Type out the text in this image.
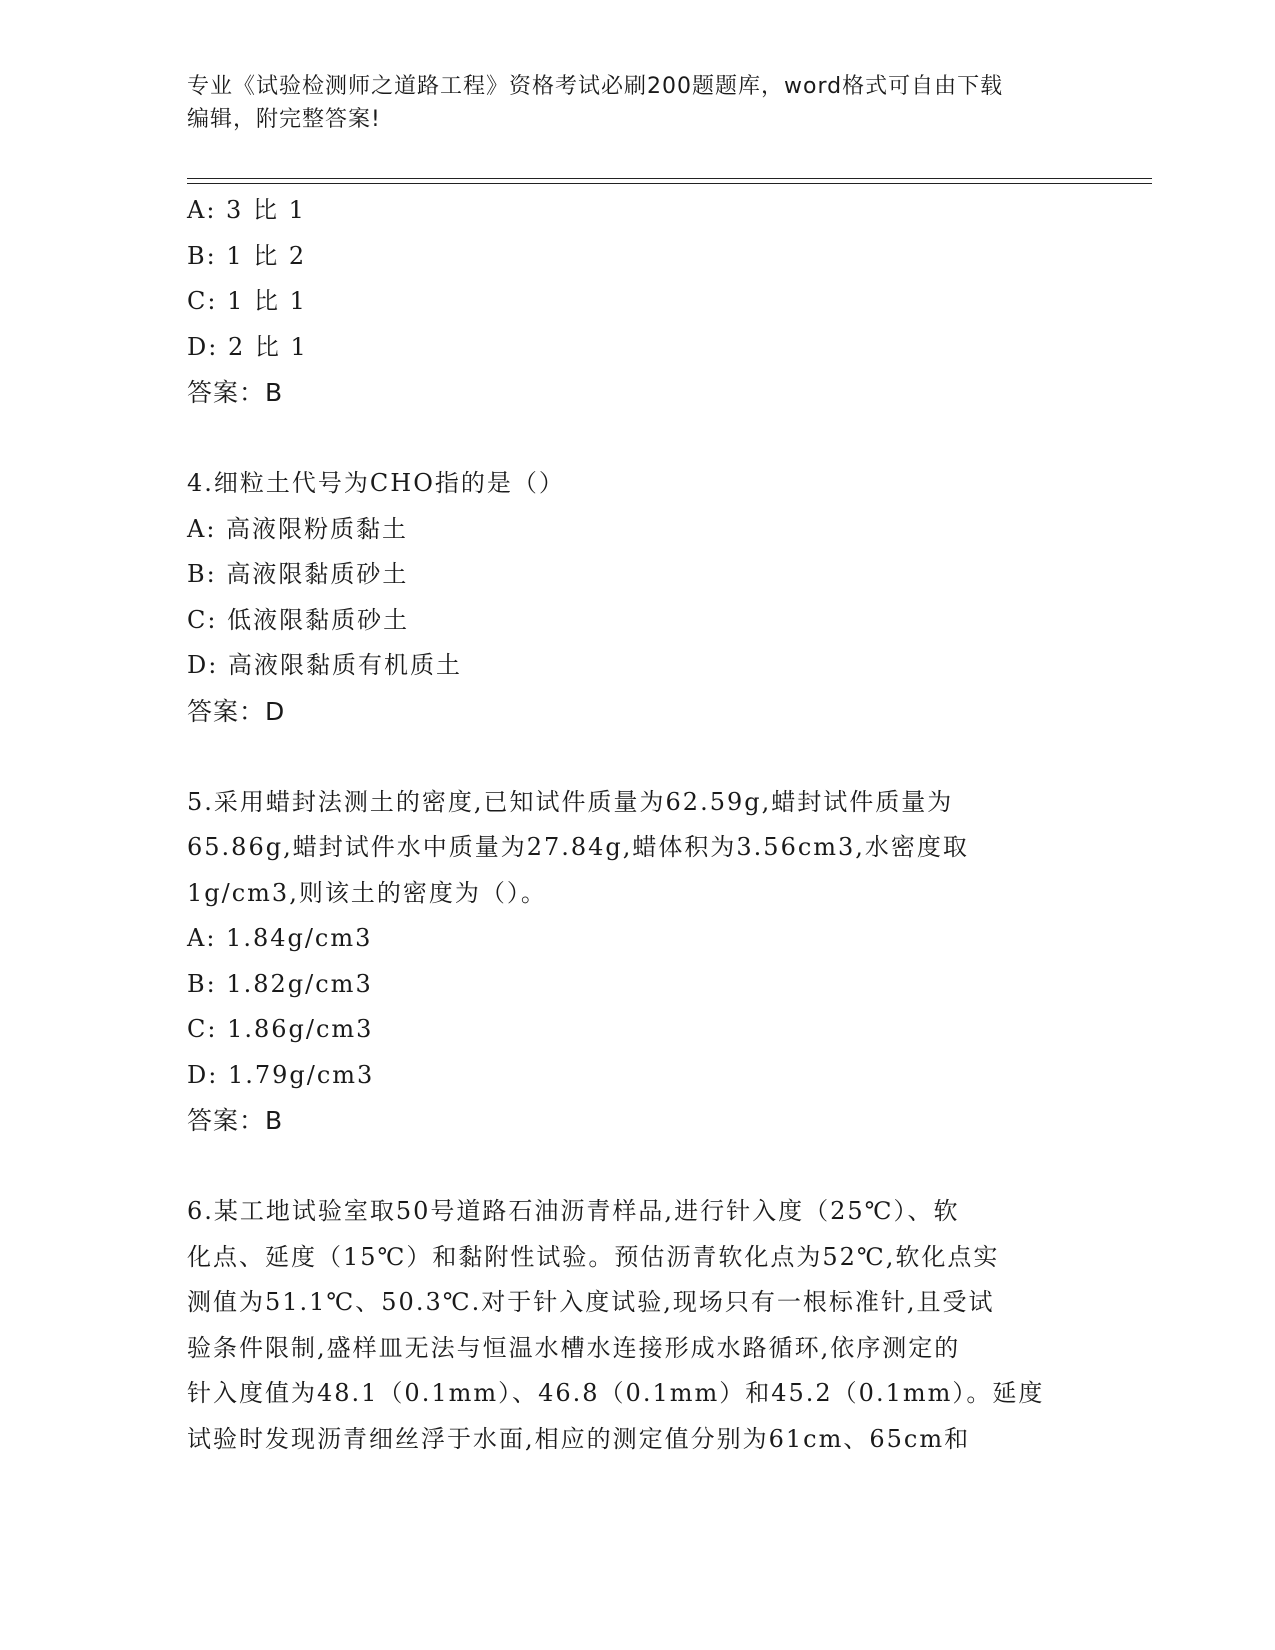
专业《试验检测师之道路工程》资格考试必刷200题题库，word格式可自由下载
编辑，附完整答案!
A: 3 比 1
B: 1 比 2
C: 1 比 1
D: 2 比 1
答案：B
4.细粒土代号为CHO指的是（）
A: 高液限粉质黏土
B: 高液限黏质砂土
C: 低液限黏质砂土
D: 高液限黏质有机质土
答案：D
5.采用蜡封法测土的密度,已知试件质量为62.59g,蜡封试件质量为
65.86g,蜡封试件水中质量为27.84g,蜡体积为3.56cm3,水密度取
1g/cm3,则该土的密度为（）。
A: 1.84g/cm3
B: 1.82g/cm3
C: 1.86g/cm3
D: 1.79g/cm3
答案：B
6.某工地试验室取50号道路石油沥青样品,进行针入度（25℃）、软
化点、延度（15℃）和黏附性试验。预估沥青软化点为52℃,软化点实
测值为51.1℃、50.3℃.对于针入度试验,现场只有一根标准针,且受试
验条件限制,盛样皿无法与恒温水槽水连接形成水路循环,依序测定的
针入度值为48.1（0.1mm）、46.8（0.1mm）和45.2（0.1mm）。延度
试验时发现沥青细丝浮于水面,相应的测定值分别为61cm、65cm和
